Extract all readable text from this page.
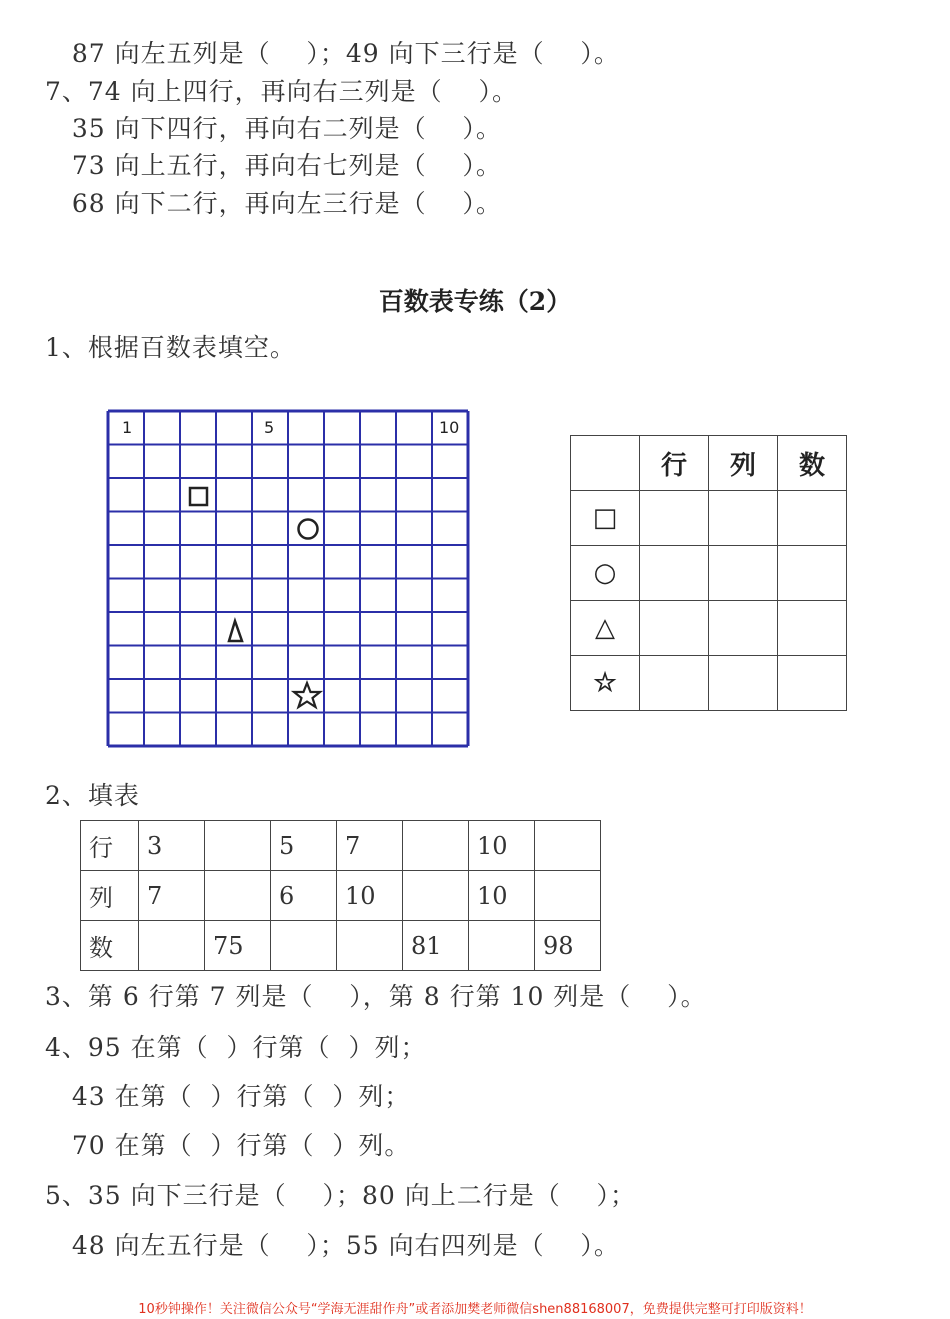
87 向左五列是（    ）；49 向下三行是（    ）。
7、74 向上四行，再向右三列是（    ）。
35 向下四行，再向右二列是（    ）。
73 向上五行，再向右七列是（    ）。
68 向下二行，再向左三行是（    ）。
百数表专练（2）
1、根据百数表填空。
1	5	10
	行	列	数
□			
○			
△			
☆			
2、填表
行	3		5	7		10	
列	7		6	10		10	
数		75			81		98
3、第 6 行第 7 列是（    ），第 8 行第 10 列是（    ）。
4、95 在第（  ）行第（  ）列；
43 在第（  ）行第（  ）列；
70 在第（  ）行第（  ）列。
5、35 向下三行是（    ）；80 向上二行是（    ）；
48 向左五行是（    ）；55 向右四列是（    ）。
10秒钟操作！关注微信公众号“学海无涯甜作舟”或者添加樊老师微信shen88168007，免费提供完整可打印版资料！
